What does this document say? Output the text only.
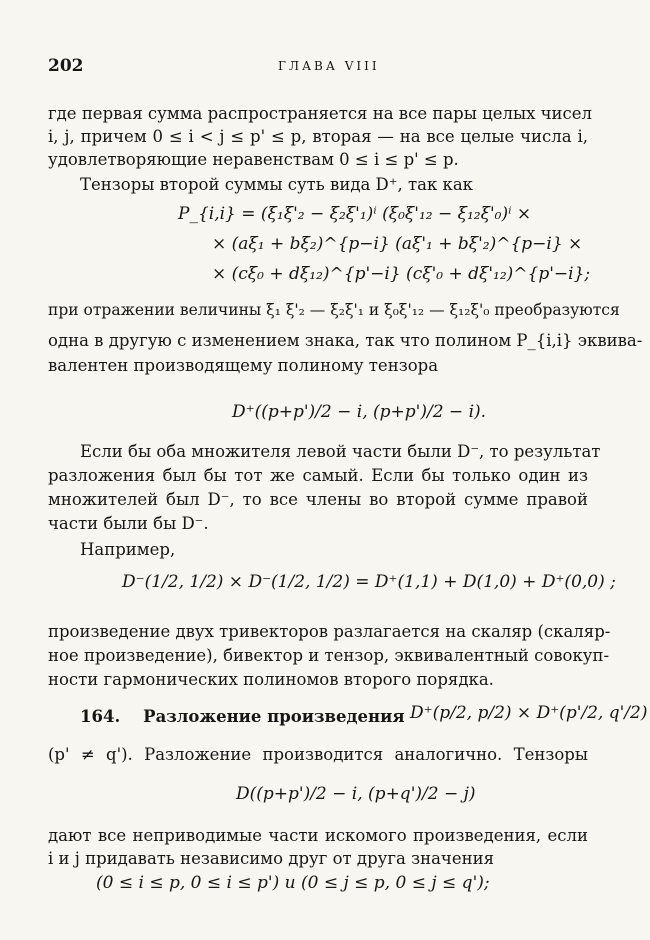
202	ГЛАВА VIII
где первая сумма распространяется на все пары целых чисел
i, j, причем 0 ≤ i < j ≤ p' ≤ p, вторая — на все целые числа i,
удовлетворяющие неравенствам 0 ≤ i ≤ p' ≤ p.
Тензоры второй суммы суть вида D⁺, так как
P_{i,i} = (ξ₁ξ'₂ − ξ₂ξ'₁)ⁱ (ξ₀ξ'₁₂ − ξ₁₂ξ'₀)ⁱ ×
× (aξ₁ + bξ₂)^{p−i} (aξ'₁ + bξ'₂)^{p−i} ×
× (cξ₀ + dξ₁₂)^{p'−i} (cξ'₀ + dξ'₁₂)^{p'−i};
при отражении величины ξ₁ ξ'₂ — ξ₂ξ'₁ и ξ₀ξ'₁₂ — ξ₁₂ξ'₀ преобразуются
одна в другую с изменением знака, так что полином P_{i,i} эквива-
валентен производящему полиному тензора
D⁺((p+p')/2 − i, (p+p')/2 − i).
Если бы оба множителя левой части были D⁻, то результат
разложения был бы тот же самый. Если бы только один из
множителей был D⁻, то все члены во второй сумме правой
части были бы D⁻.
Например,
D⁻(1/2, 1/2) × D⁻(1/2, 1/2) = D⁺(1,1) + D(1,0) + D⁺(0,0) ;
произведение двух тривекторов разлагается на скаляр (скаляр-
ное произведение), бивектор и тензор, эквивалентный совокуп-
ности гармонических полиномов второго порядка.
164. Разложение произведения D⁺(p/2, p/2) × D⁺(p'/2, q'/2)
(p' ≠ q'). Разложение производится аналогично. Тензоры
D((p+p')/2 − i, (p+q')/2 − j)
дают все неприводимые части искомого произведения, если
i и j придавать независимо друг от друга значения
(0 ≤ i ≤ p, 0 ≤ i ≤ p') и (0 ≤ j ≤ p, 0 ≤ j ≤ q');
